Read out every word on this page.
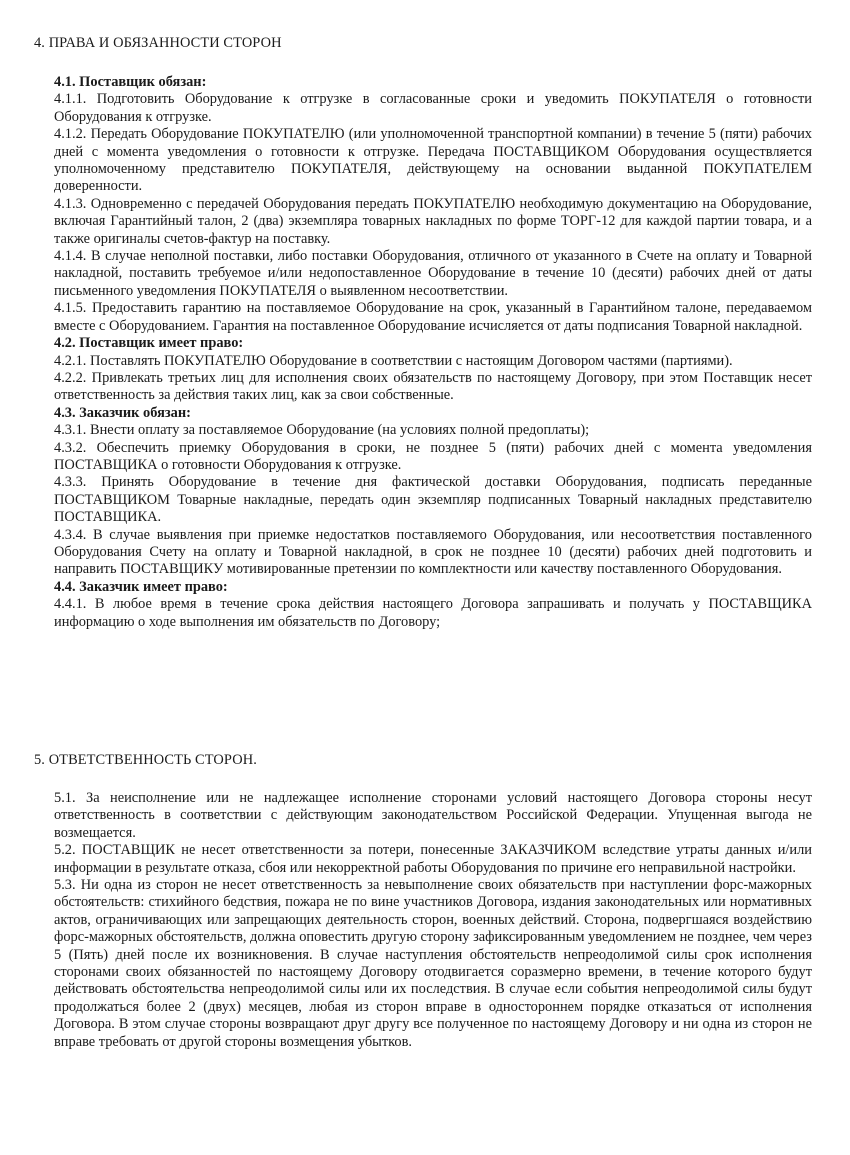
4. ПРАВА И ОБЯЗАННОСТИ СТОРОН
4.1. Поставщик обязан:
4.1.1. Подготовить Оборудование к отгрузке в согласованные сроки и уведомить ПОКУПАТЕЛЯ о готовности Оборудования к отгрузке.
4.1.2. Передать Оборудование ПОКУПАТЕЛЮ (или уполномоченной транспортной компании) в течение 5 (пяти) рабочих дней с момента уведомления о готовности к отгрузке. Передача ПОСТАВЩИКОМ Оборудования осуществляется уполномоченному представителю ПОКУПАТЕЛЯ, действующему на основании выданной ПОКУПАТЕЛЕМ доверенности.
4.1.3. Одновременно с передачей Оборудования передать ПОКУПАТЕЛЮ необходимую документацию на Оборудование, включая Гарантийный талон, 2 (два) экземпляра товарных накладных по форме ТОРГ-12 для каждой партии товара, и а также оригиналы счетов-фактур на поставку.
4.1.4. В случае неполной поставки, либо поставки Оборудования, отличного от указанного в Счете на оплату и Товарной накладной, поставить требуемое и/или недопоставленное Оборудование в течение 10 (десяти) рабочих дней от даты письменного уведомления ПОКУПАТЕЛЯ о выявленном несоответствии.
4.1.5. Предоставить гарантию на поставляемое Оборудование на срок, указанный в Гарантийном талоне, передаваемом вместе с Оборудованием. Гарантия на поставленное Оборудование исчисляется от даты подписания Товарной накладной.
4.2. Поставщик имеет право:
4.2.1. Поставлять ПОКУПАТЕЛЮ Оборудование в соответствии с настоящим Договором частями (партиями).
4.2.2. Привлекать третьих лиц для исполнения своих обязательств по настоящему Договору, при этом Поставщик несет ответственность за действия таких лиц, как за свои собственные.
4.3. Заказчик обязан:
4.3.1. Внести оплату за поставляемое Оборудование (на условиях полной предоплаты);
4.3.2. Обеспечить приемку Оборудования в сроки, не позднее 5 (пяти) рабочих дней с момента уведомления ПОСТАВЩИКА о готовности Оборудования к отгрузке.
4.3.3. Принять Оборудование в течение дня фактической доставки Оборудования, подписать переданные ПОСТАВЩИКОМ Товарные накладные, передать один экземпляр подписанных Товарный накладных представителю ПОСТАВЩИКА.
4.3.4. В случае выявления при приемке недостатков поставляемого Оборудования, или несоответствия поставленного Оборудования Счету на оплату и Товарной накладной, в срок не позднее 10 (десяти) рабочих дней подготовить и направить ПОСТАВЩИКУ мотивированные претензии по комплектности или качеству поставленного Оборудования.
4.4. Заказчик имеет право:
4.4.1. В любое время в течение срока действия настоящего Договора запрашивать и получать у ПОСТАВЩИКА информацию о ходе выполнения им обязательств по Договору;
5. ОТВЕТСТВЕННОСТЬ СТОРОН.
5.1. За неисполнение или не надлежащее исполнение сторонами условий настоящего Договора стороны несут ответственность в соответствии с действующим законодательством Российской Федерации. Упущенная выгода не возмещается.
5.2. ПОСТАВЩИК не несет ответственности за потери, понесенные ЗАКАЗЧИКОМ вследствие утраты данных и/или информации в результате отказа, сбоя или некорректной работы Оборудования по причине его неправильной настройки.
5.3. Ни одна из сторон не несет ответственность за невыполнение своих обязательств при наступлении форс-мажорных обстоятельств: стихийного бедствия, пожара не по вине участников Договора, издания законодательных или нормативных актов, ограничивающих или запрещающих деятельность сторон, военных действий. Сторона, подвергшаяся воздействию форс-мажорных обстоятельств, должна оповестить другую сторону зафиксированным уведомлением не позднее, чем через 5 (Пять) дней после их возникновения. В случае наступления обстоятельств непреодолимой силы срок исполнения сторонами своих обязанностей по настоящему Договору отодвигается соразмерно времени, в течение которого будут действовать обстоятельства непреодолимой силы или их последствия. В случае если события непреодолимой силы будут продолжаться более 2 (двух) месяцев, любая из сторон вправе в одностороннем порядке отказаться от исполнения Договора. В этом случае стороны возвращают друг другу все полученное по настоящему Договору и ни одна из сторон не вправе требовать от другой стороны возмещения убытков.
